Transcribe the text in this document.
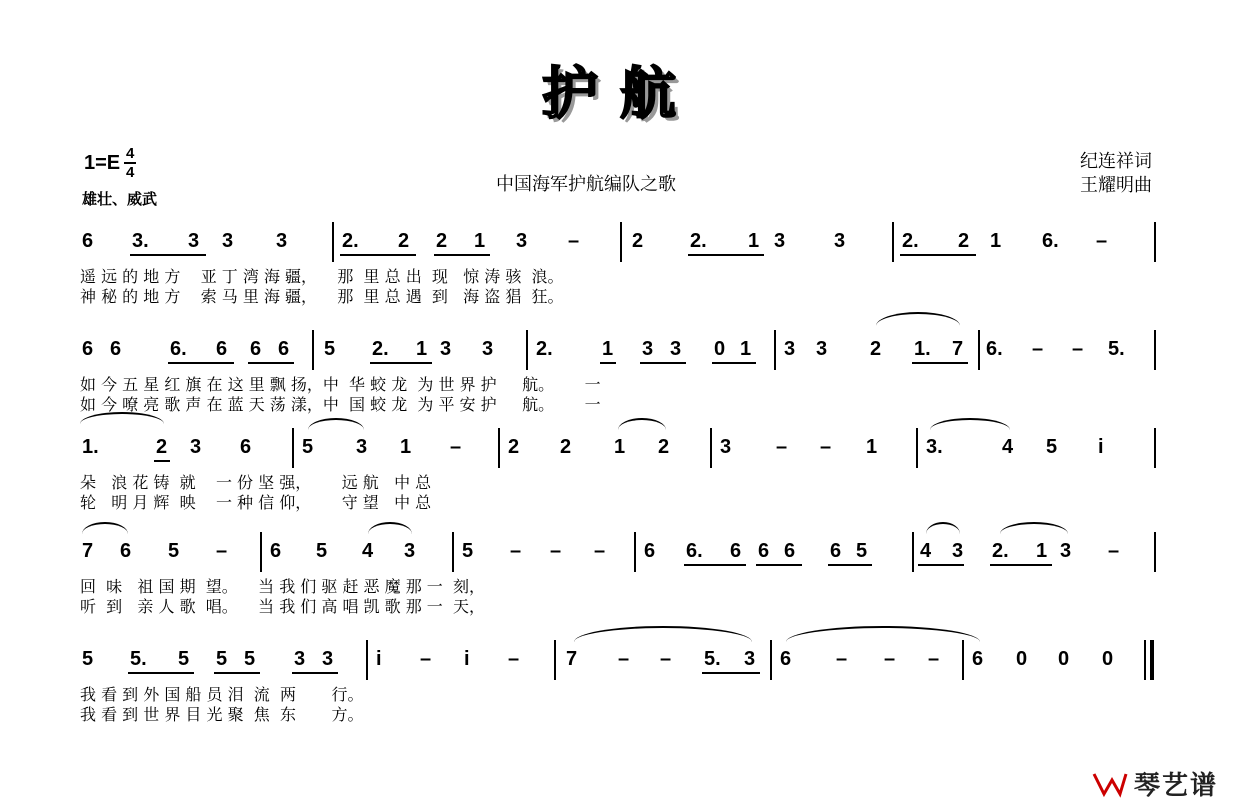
护航
$1=E \frac{4}{4}$
雄壮、威武
中国海军护航编队之歌
纪连祥词
王耀明曲
6 3. 3 3 3	2. 2 2 1 3 –	2 2. 1 3 3	2. 2 1 6. –
遥 远 的 地 方    亚 丁 湾 海 疆，    那  里 总 出  现   惊 涛 骇  浪。
神 秘 的 地 方    索 马 里 海 疆，    那  里 总 遇  到   海 盗 猖  狂。
6 6 6. 6 6 6 5 2. 1 3 3 2. 1 3 3 0 1 3 3 2 1. 7 6. – – 5.
如 今 五 星 红 旗 在 这 里 飘 扬，中  华 蛟 龙  为 世 界 护     航。      一
如 今 嘹 亮 歌 声 在 蓝 天 荡 漾，中  国 蛟 龙  为 平 安 护     航。      一
1.	2 3 6	5 3 1 – 2 2 1 2	3 – – 1 3.	4 5 i
朵   浪 花 铸  就    一 份 坚 强，      远 航   中 总
轮   明 月 辉  映    一 种 信 仰，      守 望   中 总
7 6 5 – 6 5 4 3 5 – – – 6 6. 6 6 6 6 5	4 3 2. 1 3 –
回  味   祖 国 期  望。    当 我 们 驱 赶 恶 魔 那 一  刻，
听  到   亲 人 歌  唱。    当 我 们 高 唱 凯 歌 那 一  天，
5 5. 5 5 5 3 3 i – i – 7 – – 5. 3 6 – – – 6 0 0 0
我 看 到 外 国 船 员 泪  流  两       行。
我 看 到 世 界 目 光 聚  焦  东       方。
琴艺谱
